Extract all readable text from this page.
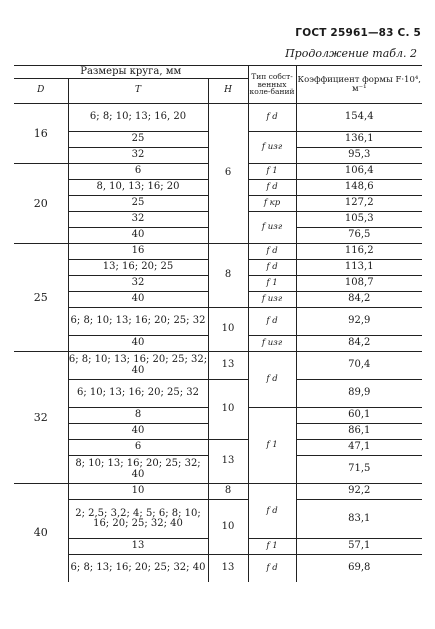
ГОСТ 25961—83 С. 5
Продолжение табл. 2
Размеры круга, мм			Тип собст-венных коле-баний	Коэффициент формы F·10⁴, м⁻¹
D	T	H		
16	6; 8; 10; 13; 16, 20	6	f d	154,4
	25		f изг	136,1
	32			95,3
20	6		f 1	106,4
	8, 10, 13; 16; 20		f d	148,6
	25		f кр	127,2
	32		f изг	105,3
	40			76,5
25	16	8	f d	116,2
	13; 16; 20; 25		f d	113,1
	32		f 1	108,7
	40		f изг	84,2
	6; 8; 10; 13; 16; 20; 25; 32	10	f d	92,9
	40		f изг	84,2
32	6; 8; 10; 13; 16; 20; 25; 32; 40	13	f d	70,4
	6; 10; 13; 16; 20; 25; 32	10		89,9
	8		f 1	60,1
	40			86,1
	6	13		47,1
	8; 10; 13; 16; 20; 25; 32; 40			71,5
40	10	8	f d	92,2
	2; 2,5; 3,2; 4; 5; 6; 8; 10; 16; 20; 25; 32; 40	10		83,1
	13		f 1	57,1
	6; 8; 13; 16; 20; 25; 32; 40	13	f d	69,8
